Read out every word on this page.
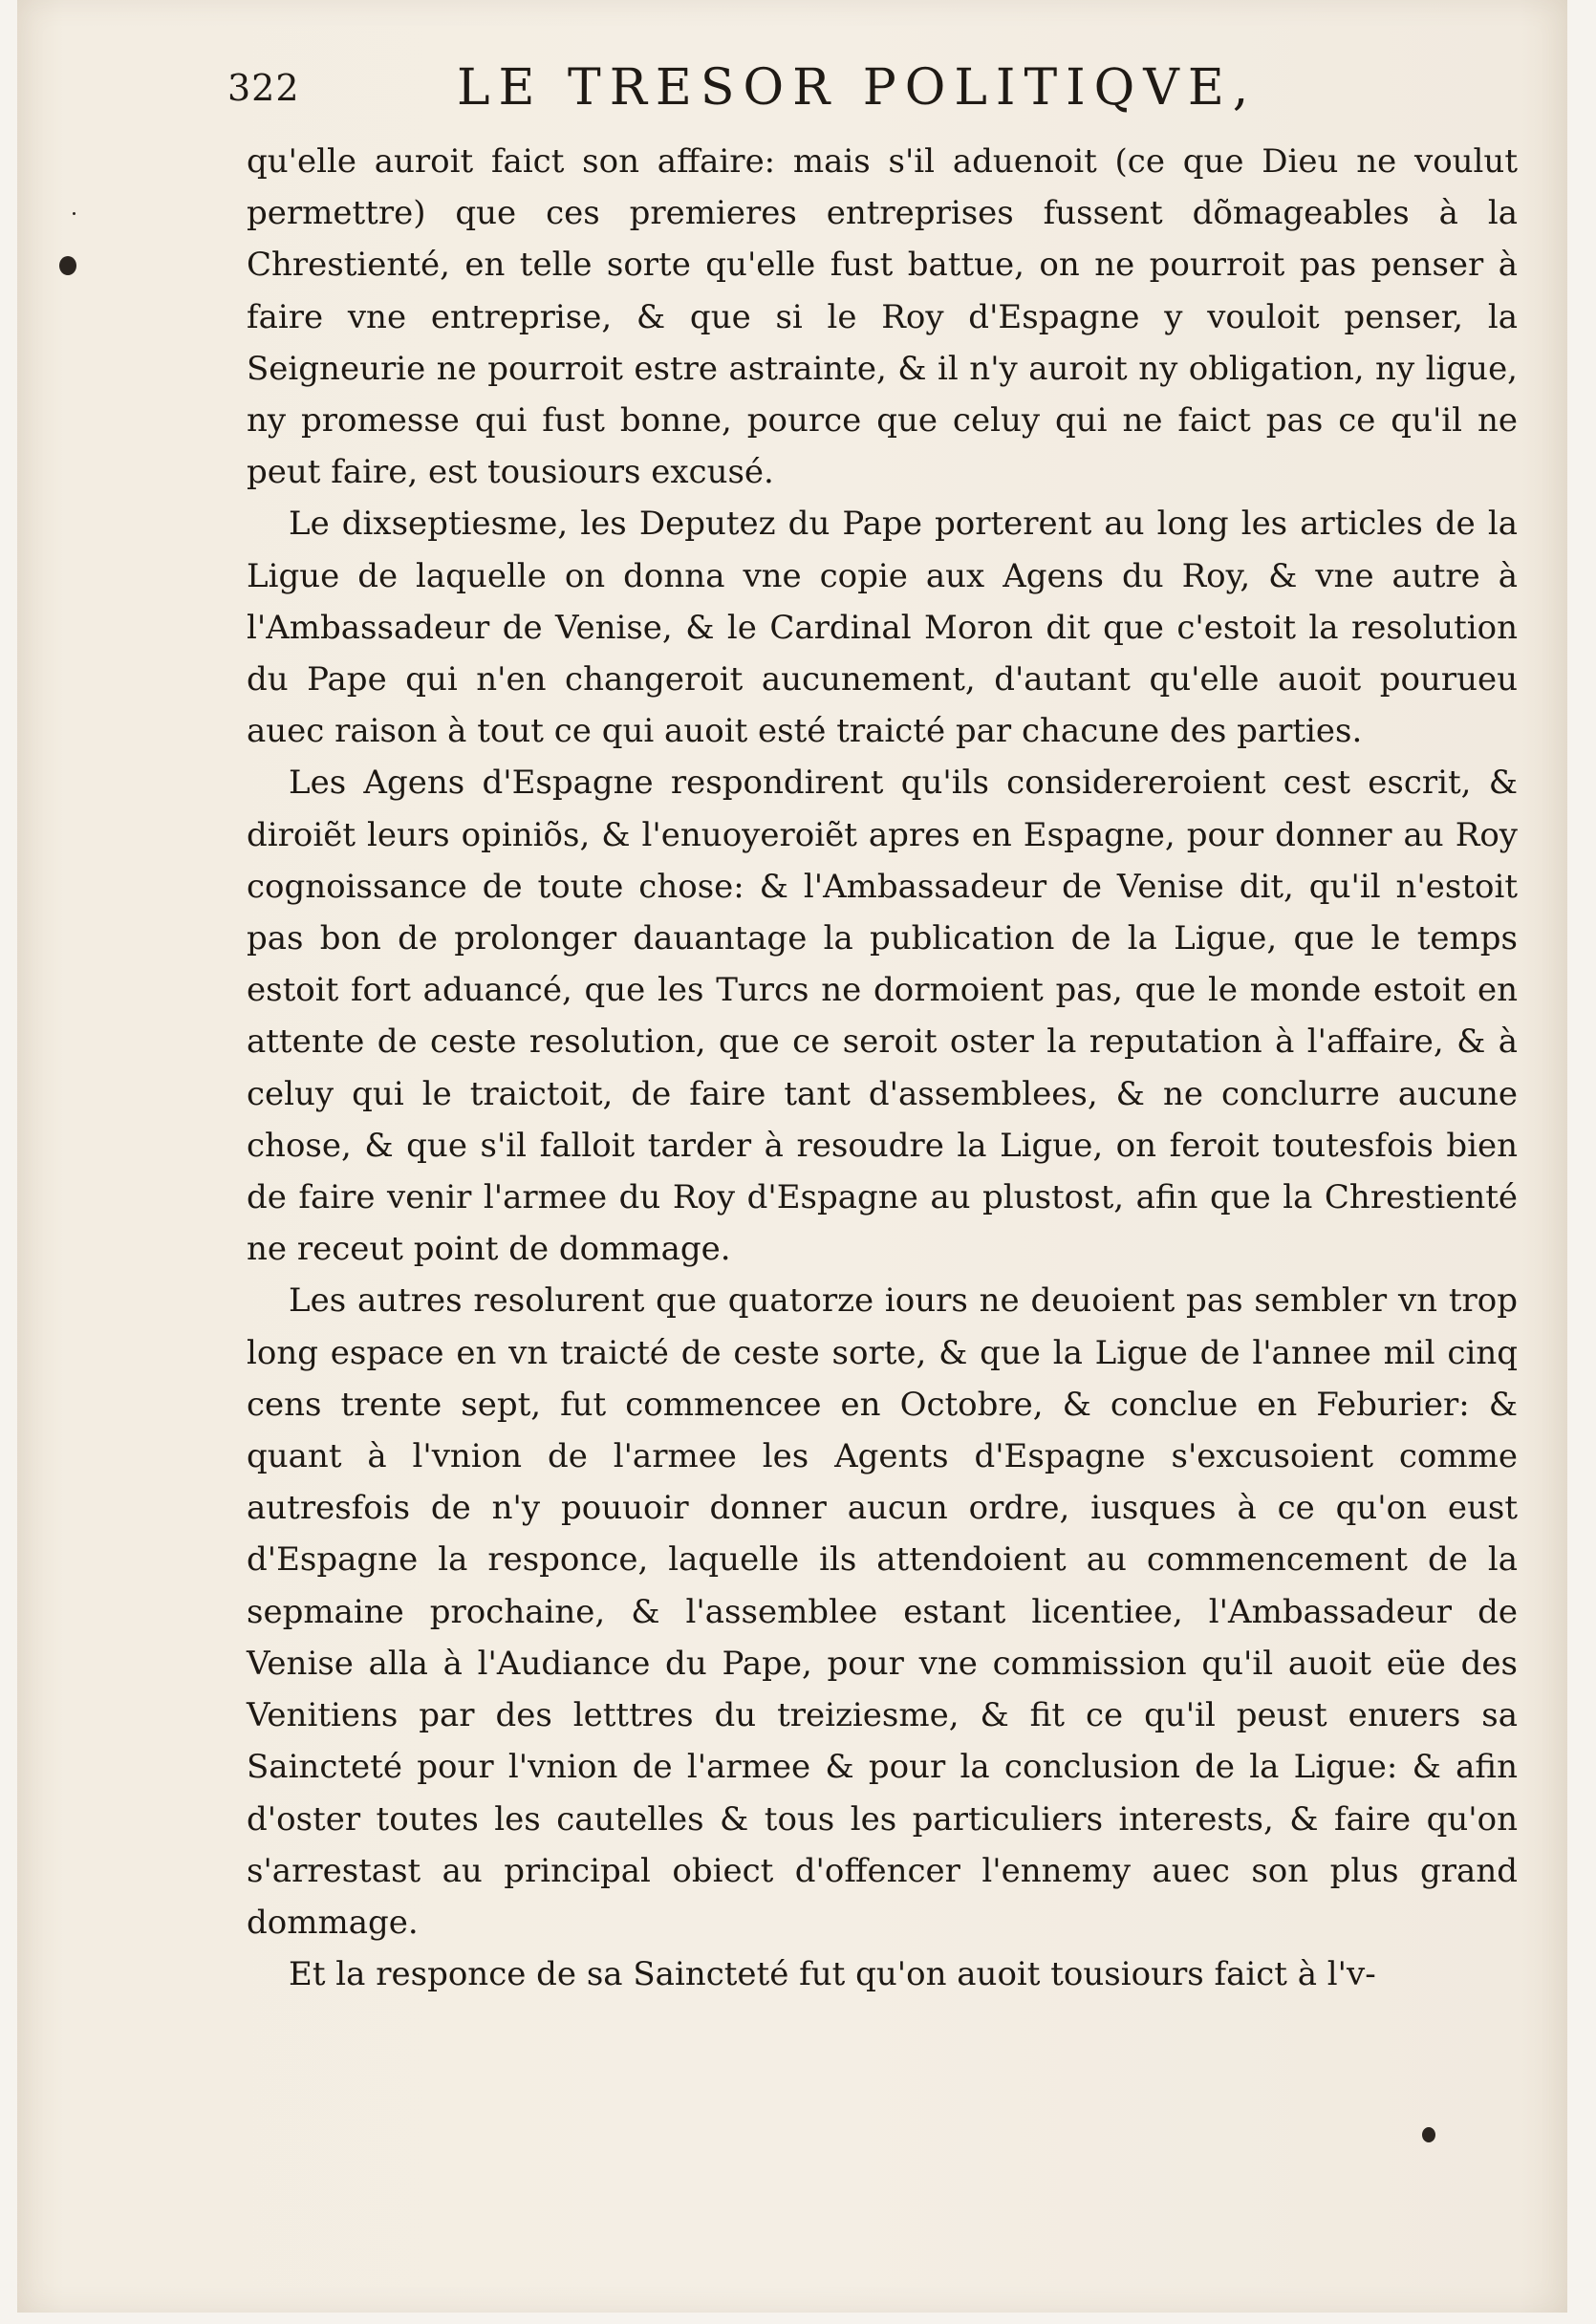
322	LE TRESOR POLITIQVE,

qu'elle auroit faict son affaire: mais s'il aduenoit (ce que Dieu ne voulut permettre) que ces premieres entreprises fussent dõmageables à la Chrestienté, en telle sorte qu'elle fust battue, on ne pourroit pas penser à faire vne entreprise, & que si le Roy d'Espagne y vouloit penser, la Seigneurie ne pourroit estre astrainte, & il n'y auroit ny obligation, ny ligue, ny promesse qui fust bonne, pource que celuy qui ne faict pas ce qu'il ne peut faire, est tousiours excusé.

Le dixseptiesme, les Deputez du Pape porterent au long les articles de la Ligue de laquelle on donna vne copie aux Agens du Roy, & vne autre à l'Ambassadeur de Venise, & le Cardinal Moron dit que c'estoit la resolution du Pape qui n'en changeroit aucunement, d'autant qu'elle auoit pourueu auec raison à tout ce qui auoit esté traicté par chacune des parties.

Les Agens d'Espagne respondirent qu'ils considereroient cest escrit, & diroiẽt leurs opiniõs, & l'enuoyeroiẽt apres en Espagne, pour donner au Roy cognoissance de toute chose: & l'Ambassadeur de Venise dit, qu'il n'estoit pas bon de prolonger dauantage la publication de la Ligue, que le temps estoit fort aduancé, que les Turcs ne dormoient pas, que le monde estoit en attente de ceste resolution, que ce seroit oster la reputation à l'affaire, & à celuy qui le traictoit, de faire tant d'assemblees, & ne conclurre aucune chose, & que s'il falloit tarder à resoudre la Ligue, on feroit toutesfois bien de faire venir l'armee du Roy d'Espagne au plustost, afin que la Chrestienté ne receut point de dommage.

Les autres resolurent que quatorze iours ne deuoient pas sembler vn trop long espace en vn traicté de ceste sorte, & que la Ligue de l'annee mil cinq cens trente sept, fut commencee en Octobre, & conclue en Feburier: & quant à l'vnion de l'armee les Agents d'Espagne s'excusoient comme autresfois de n'y pouuoir donner aucun ordre, iusques à ce qu'on eust d'Espagne la responce, laquelle ils attendoient au commencement de la sepmaine prochaine, & l'assemblee estant licentiee, l'Ambassadeur de Venise alla à l'Audiance du Pape, pour vne commission qu'il auoit eüe des Venitiens par des letttres du treiziesme, & fit ce qu'il peust enuers sa Saincteté pour l'vnion de l'armee & pour la conclusion de la Ligue: & afin d'oster toutes les cautelles & tous les particuliers interests, & faire qu'on s'arrestast au principal obiect d'offencer l'ennemy auec son plus grand dommage.

Et la responce de sa Saincteté fut qu'on auoit tousiours faict à l'v-
